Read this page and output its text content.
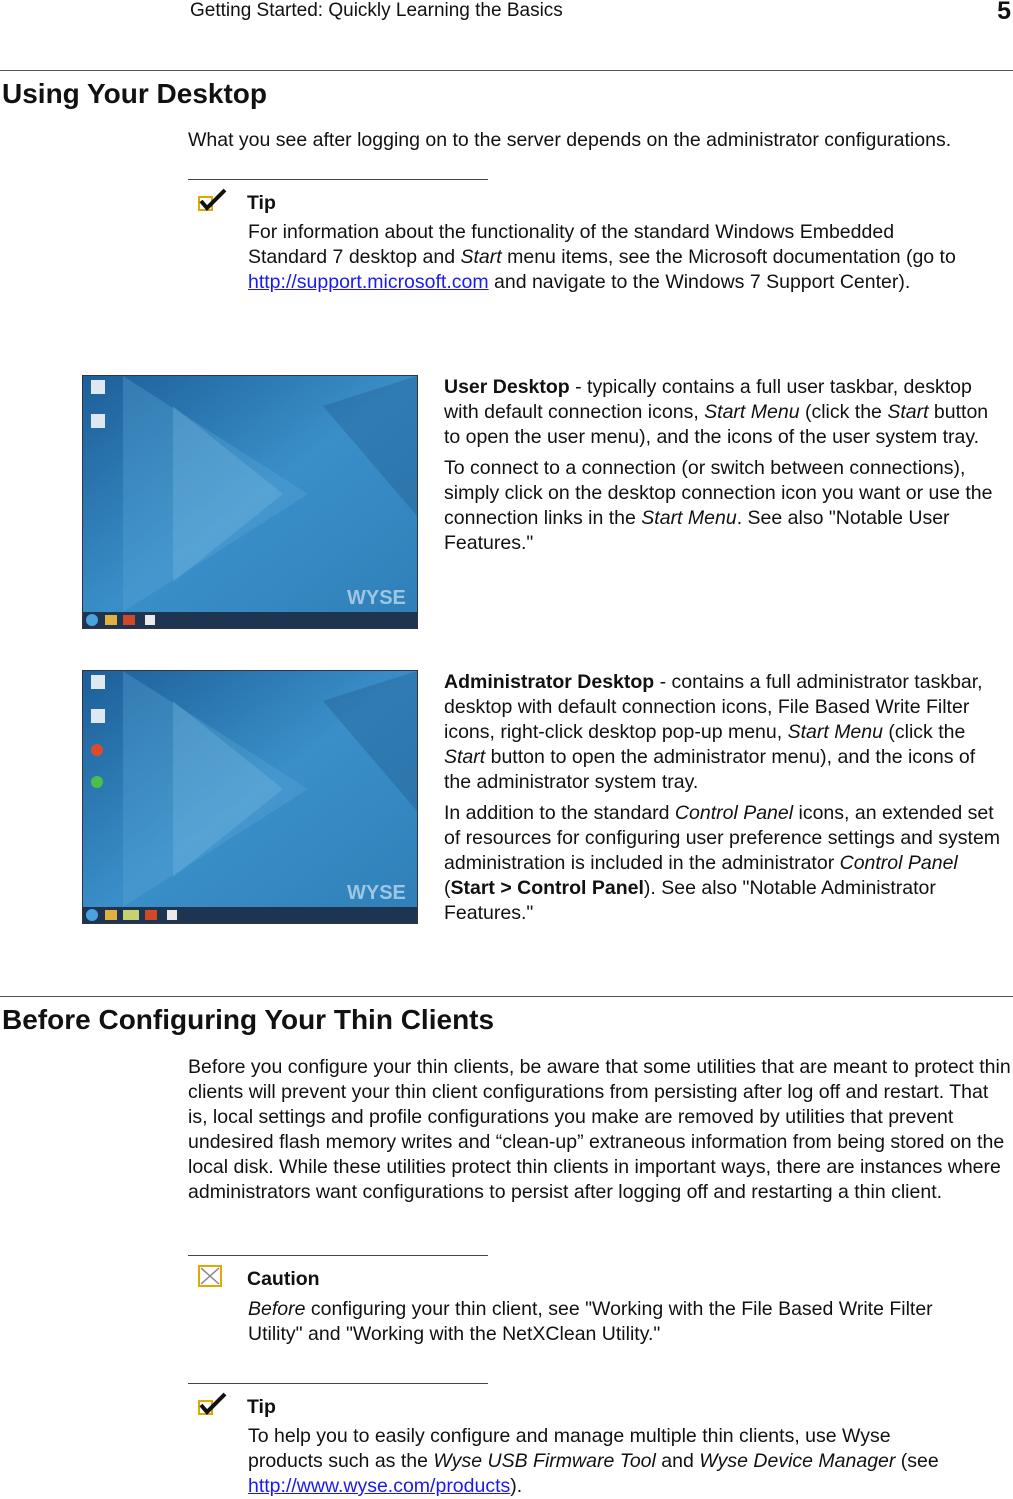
Getting Started: Quickly Learning the Basics	5
Using Your Desktop

What you see after logging on to the server depends on the administrator configurations.

Tip

For information about the functionality of the standard Windows Embedded Standard 7 desktop and Start menu items, see the Microsoft documentation (go to http://support.microsoft.com and navigate to the Windows 7 Support Center).

WYSE

User Desktop - typically contains a full user taskbar, desktop with default connection icons, Start Menu (click the Start button to open the user menu), and the icons of the user system tray.

To connect to a connection (or switch between connections), simply click on the desktop connection icon you want or use the connection links in the Start Menu. See also "Notable User Features."

WYSE

Administrator Desktop - contains a full administrator taskbar, desktop with default connection icons, File Based Write Filter icons, right-click desktop pop-up menu, Start Menu (click the Start button to open the administrator menu), and the icons of the administrator system tray.

In addition to the standard Control Panel icons, an extended set of resources for configuring user preference settings and system administration is included in the administrator Control Panel (Start > Control Panel). See also "Notable Administrator Features."

Before Configuring Your Thin Clients

Before you configure your thin clients, be aware that some utilities that are meant to protect thin clients will prevent your thin client configurations from persisting after log off and restart. That is, local settings and profile configurations you make are removed by utilities that prevent undesired flash memory writes and “clean-up” extraneous information from being stored on the local disk. While these utilities protect thin clients in important ways, there are instances where administrators want configurations to persist after logging off and restarting a thin client.

Caution

Before configuring your thin client, see "Working with the File Based Write Filter Utility" and "Working with the NetXClean Utility."

Tip

To help you to easily configure and manage multiple thin clients, use Wyse products such as the Wyse USB Firmware Tool and Wyse Device Manager (see http://www.wyse.com/products).
